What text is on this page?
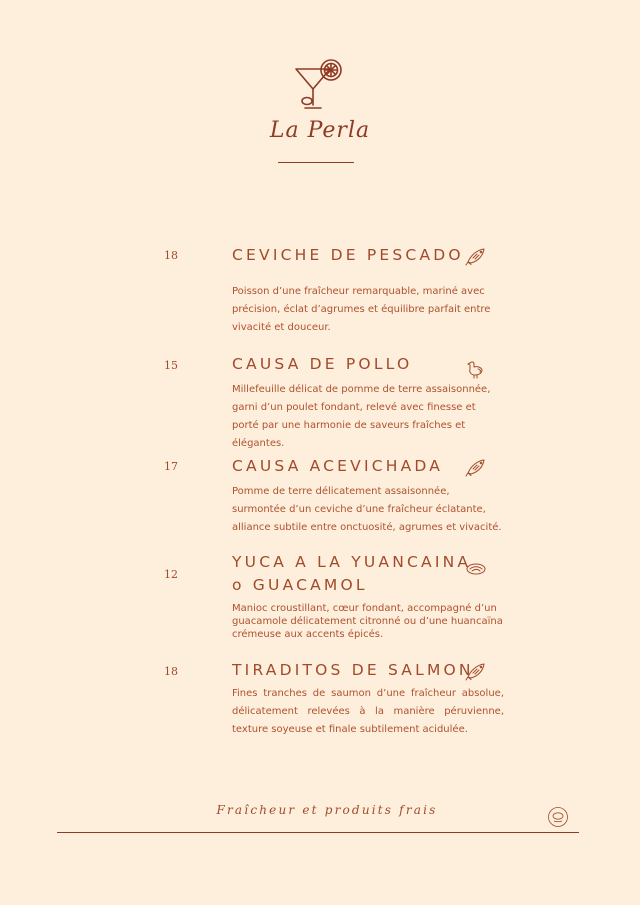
La Perla
18	CEVICHE DE PESCADO
Poisson d’une fraîcheur remarquable, mariné avec précision, éclat d’agrumes et équilibre parfait entre vivacité et douceur.
15	CAUSA DE POLLO
Millefeuille délicat de pomme de terre assaisonnée, garni d’un poulet fondant, relevé avec finesse et porté par une harmonie de saveurs fraîches et élégantes.
17	CAUSA ACEVICHADA
Pomme de terre délicatement assaisonnée, surmontée d’un ceviche d’une fraîcheur éclatante, alliance subtile entre onctuosité, agrumes et vivacité.
12
YUCA A LA YUANCAINA
o GUACAMOL
Manioc croustillant, cœur fondant, accompagné d’un guacamole délicatement citronné ou d’une huancaïna crémeuse aux accents épicés.
18	TIRADITOS DE SALMON
Fines tranches de saumon d’une fraîcheur absolue, délicatement relevées à la manière péruvienne, texture soyeuse et finale subtilement acidulée.
Fraîcheur et produits frais
